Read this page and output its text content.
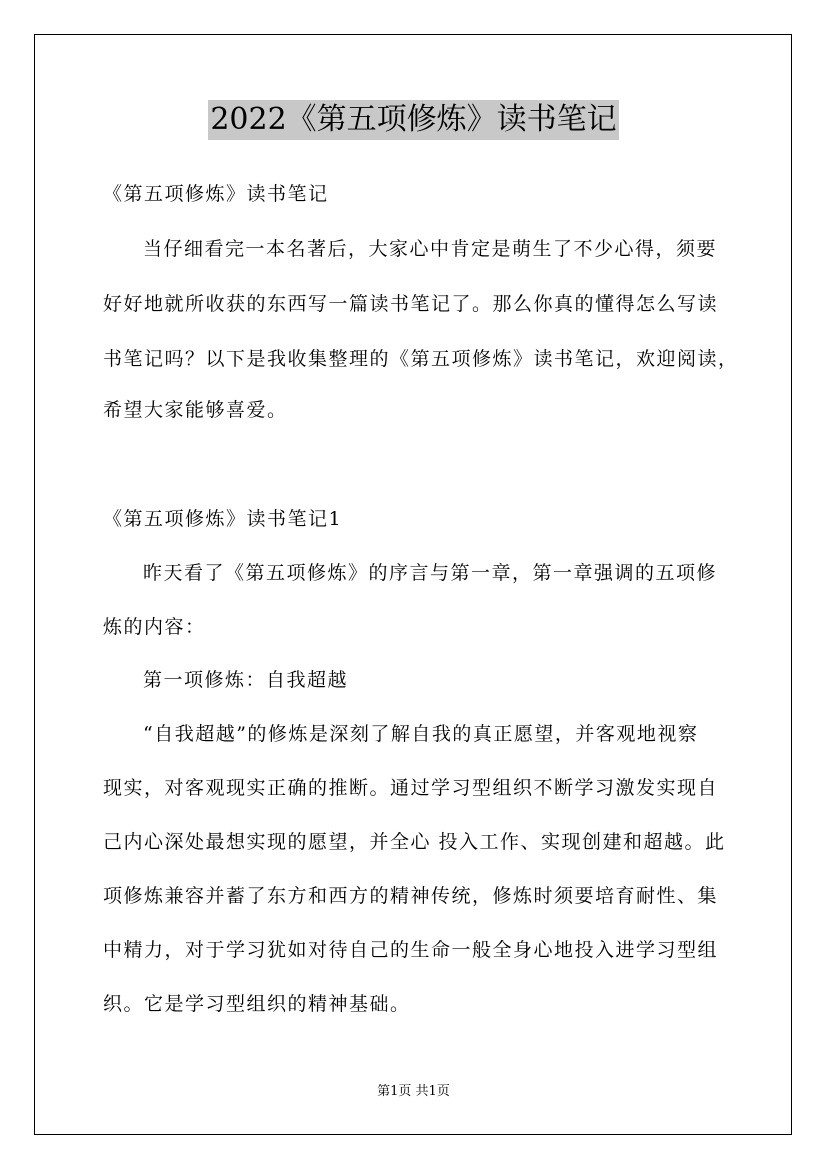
2022《第五项修炼》读书笔记
《第五项修炼》读书笔记
当仔细看完一本名著后，大家心中肯定是萌生了不少心得，须要
好好地就所收获的东西写一篇读书笔记了。那么你真的懂得怎么写读
书笔记吗？以下是我收集整理的《第五项修炼》读书笔记，欢迎阅读，
希望大家能够喜爱。
《第五项修炼》读书笔记1
昨天看了《第五项修炼》的序言与第一章，第一章强调的五项修
炼的内容：
第一项修炼：自我超越
“自我超越”的修炼是深刻了解自我的真正愿望，并客观地视察
现实，对客观现实正确的推断。通过学习型组织不断学习激发实现自
己内心深处最想实现的愿望，并全心 投入工作、实现创建和超越。此
项修炼兼容并蓄了东方和西方的精神传统，修炼时须要培育耐性、集
中精力，对于学习犹如对待自己的生命一般全身心地投入进学习型组
织。它是学习型组织的精神基础。
第1页 共1页
